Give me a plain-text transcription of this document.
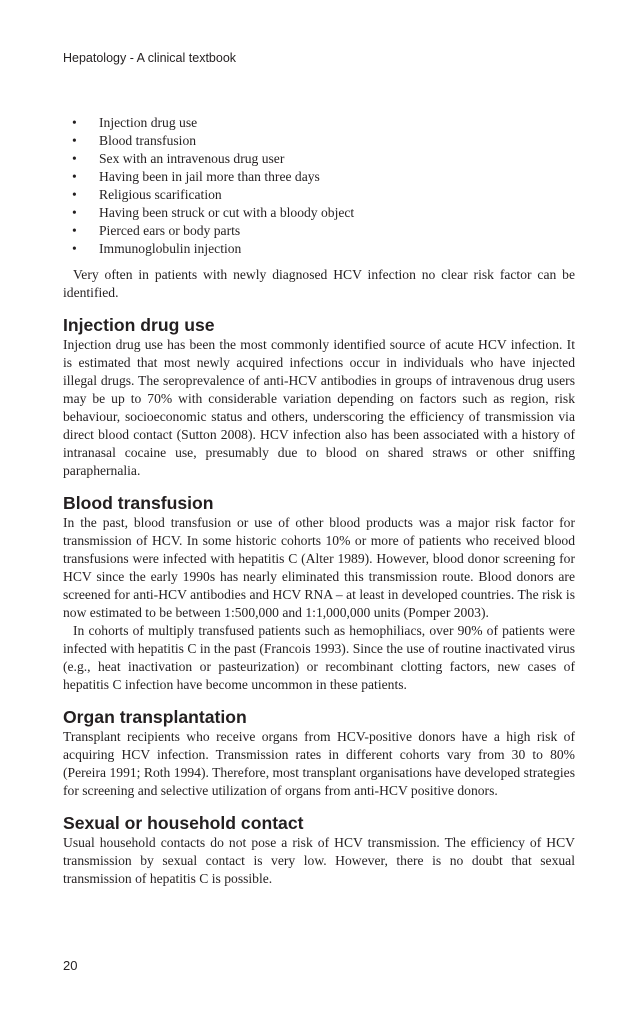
Hepatology - A clinical textbook
•	Injection drug use
•	Blood transfusion
•	Sex with an intravenous drug user
•	Having been in jail more than three days
•	Religious scarification
•	Having been struck or cut with a bloody object
•	Pierced ears or body parts
•	Immunoglobulin injection

Very often in patients with newly diagnosed HCV infection no clear risk factor can be identified.

Injection drug use

Injection drug use has been the most commonly identified source of acute HCV infection. It is estimated that most newly acquired infections occur in individuals who have injected illegal drugs. The seroprevalence of anti-HCV antibodies in groups of intravenous drug users may be up to 70% with considerable variation depending on factors such as region, risk behaviour, socioeconomic status and others, underscoring the efficiency of transmission via direct blood contact (Sutton 2008). HCV infection also has been associated with a history of intranasal cocaine use, presumably due to blood on shared straws or other sniffing paraphernalia.

Blood transfusion

In the past, blood transfusion or use of other blood products was a major risk factor for transmission of HCV. In some historic cohorts 10% or more of patients who received blood transfusions were infected with hepatitis C (Alter 1989). However, blood donor screening for HCV since the early 1990s has nearly eliminated this transmission route. Blood donors are screened for anti-HCV antibodies and HCV RNA – at least in developed countries. The risk is now estimated to be between 1:500,000 and 1:1,000,000 units (Pomper 2003).

In cohorts of multiply transfused patients such as hemophiliacs, over 90% of patients were infected with hepatitis C in the past (Francois 1993). Since the use of routine inactivated virus (e.g., heat inactivation or pasteurization) or recombinant clotting factors, new cases of hepatitis C infection have become uncommon in these patients.

Organ transplantation

Transplant recipients who receive organs from HCV-positive donors have a high risk of acquiring HCV infection. Transmission rates in different cohorts vary from 30 to 80% (Pereira 1991; Roth 1994). Therefore, most transplant organisations have developed strategies for screening and selective utilization of organs from anti-HCV positive donors.

Sexual or household contact

Usual household contacts do not pose a risk of HCV transmission. The efficiency of HCV transmission by sexual contact is very low. However, there is no doubt that sexual transmission of hepatitis C is possible.

20
